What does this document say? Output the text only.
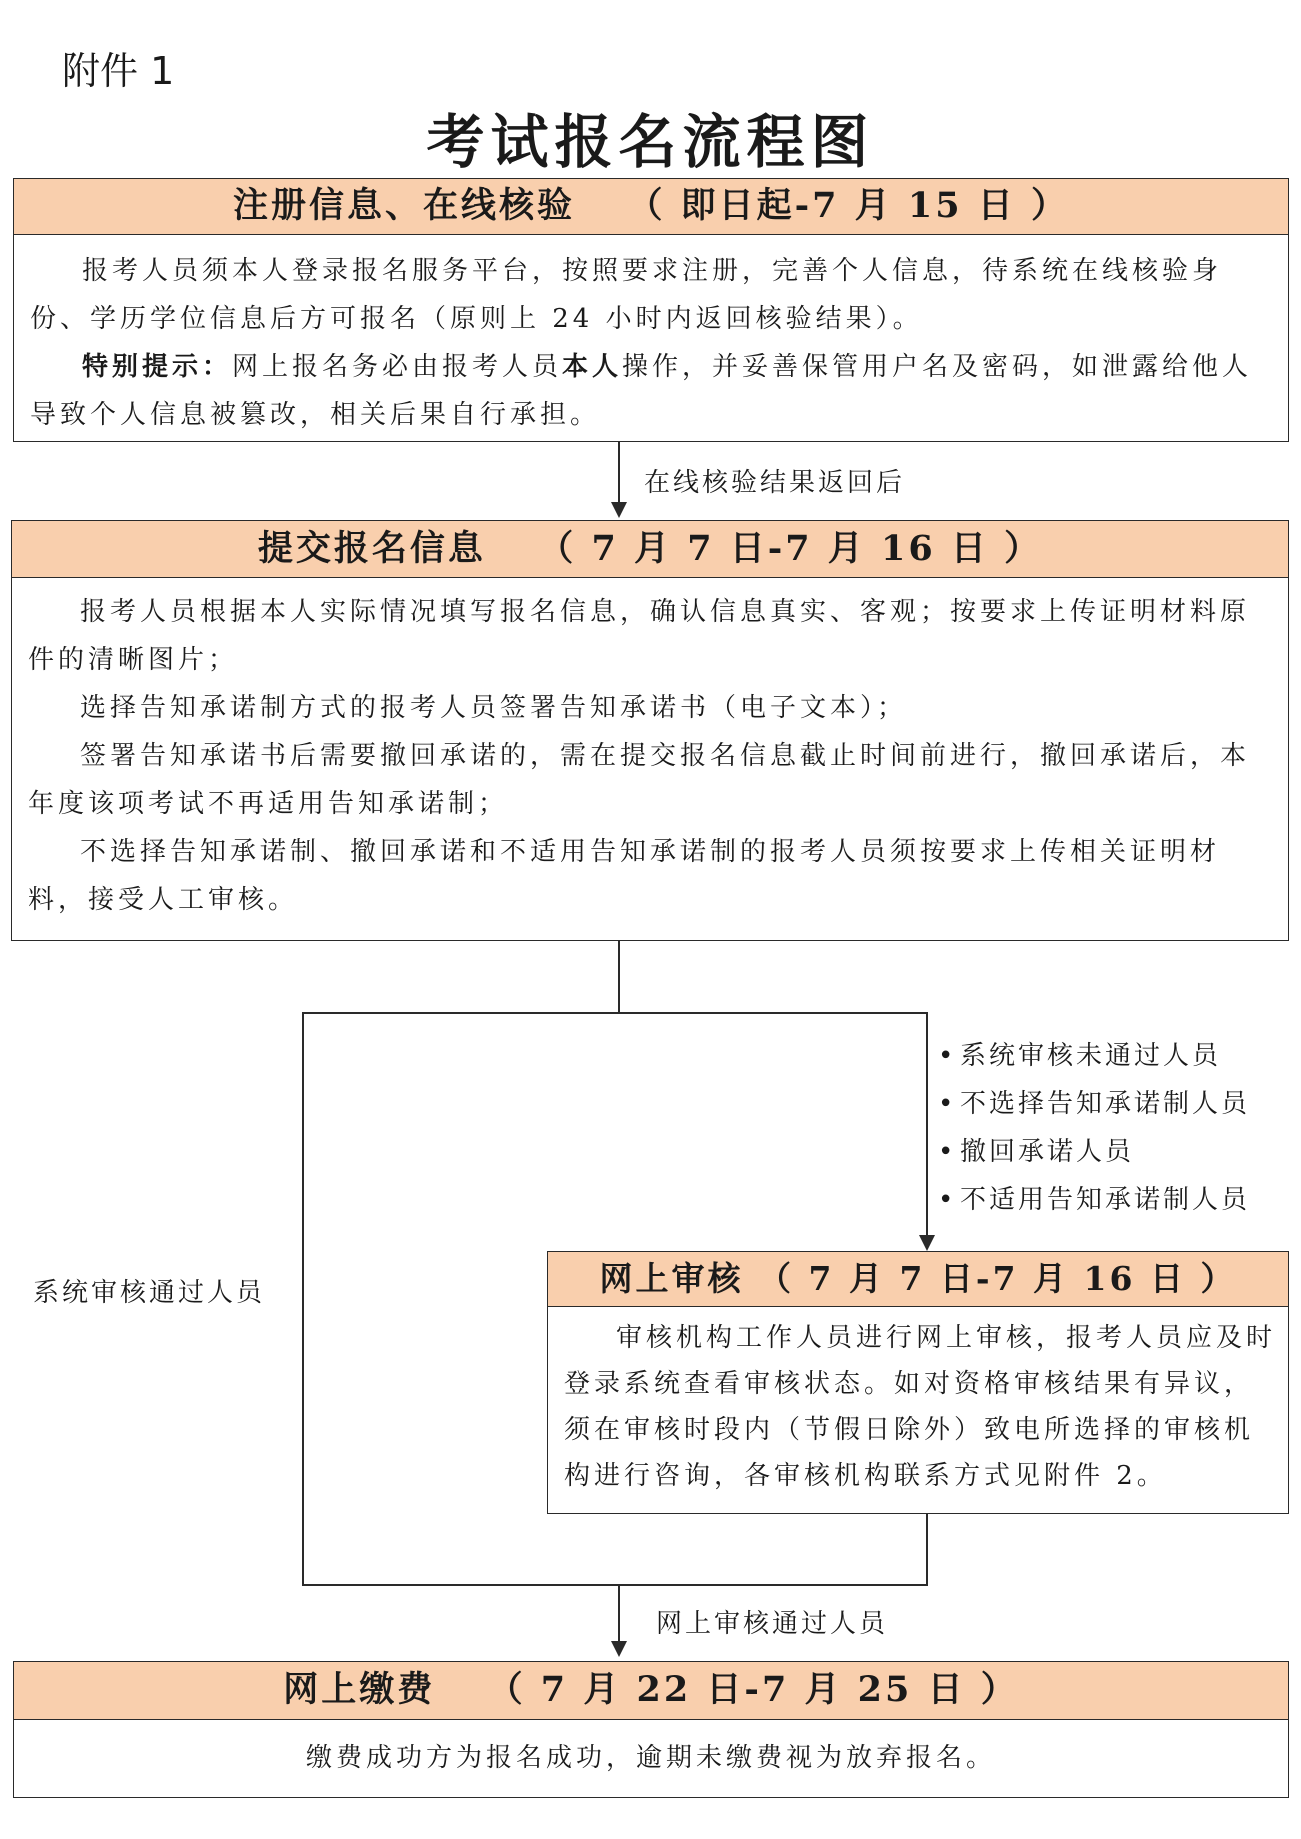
附件 1
考试报名流程图
注册信息、在线核验 （ 即日起-7 月 15 日 ）

报考人员须本人登录报名服务平台，按照要求注册，完善个人信息，待系统在线核验身份、学历学位信息后方可报名（原则上 24 小时内返回核验结果）。

特别提示：网上报名务必由报考人员本人操作，并妥善保管用户名及密码，如泄露给他人导致个人信息被篡改，相关后果自行承担。

在线核验结果返回后
提交报名信息 （ 7 月 7 日-7 月 16 日 ）

报考人员根据本人实际情况填写报名信息，确认信息真实、客观；按要求上传证明材料原件的清晰图片；

选择告知承诺制方式的报考人员签署告知承诺书（电子文本）；

签署告知承诺书后需要撤回承诺的，需在提交报名信息截止时间前进行，撤回承诺后，本年度该项考试不再适用告知承诺制；

不选择告知承诺制、撤回承诺和不适用告知承诺制的报考人员须按要求上传相关证明材料，接受人工审核。

系统审核通过人员
• 系统审核未通过人员
• 不选择告知承诺制人员
• 撤回承诺人员
• 不适用告知承诺制人员
网上审核 （ 7 月 7 日-7 月 16 日 ）

审核机构工作人员进行网上审核，报考人员应及时登录系统查看审核状态。如对资格审核结果有异议，须在审核时段内（节假日除外）致电所选择的审核机构进行咨询，各审核机构联系方式见附件 2。

网上审核通过人员
网上缴费 （ 7 月 22 日-7 月 25 日 ）
缴费成功方为报名成功，逾期未缴费视为放弃报名。
